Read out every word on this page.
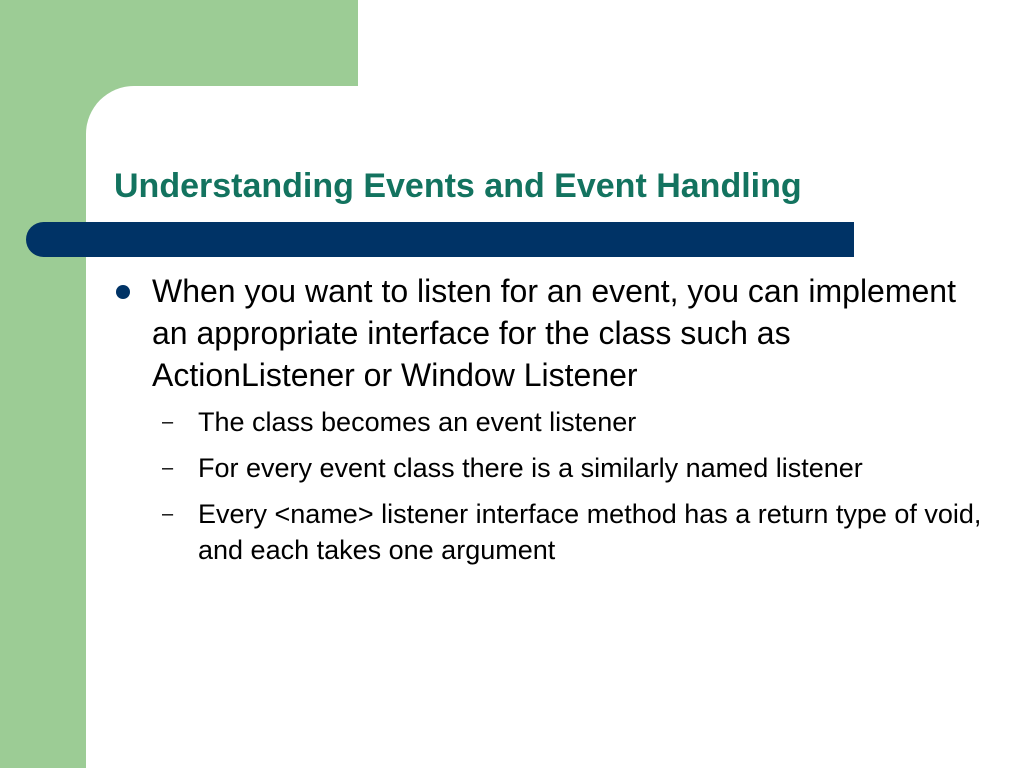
Understanding Events and Event Handling
When you want to listen for an event, you can implement an appropriate interface for the class such as ActionListener or Window Listener
– The class becomes an event listener
– For every event class there is a similarly named listener
– Every <name> listener interface method has a return type of void, and each takes one argument
